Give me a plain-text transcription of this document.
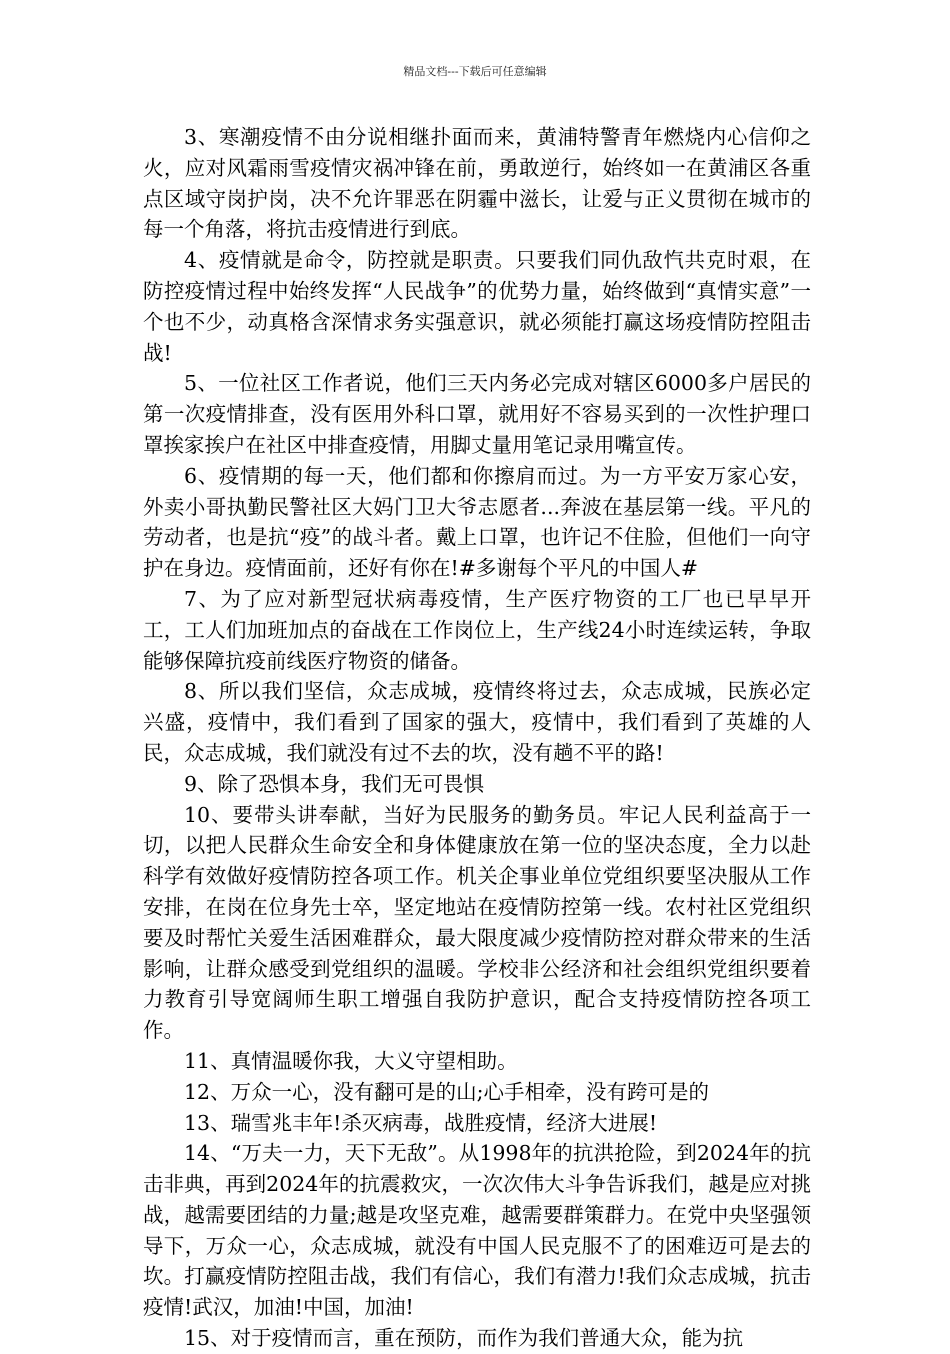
精品文档---下载后可任意编辑

3、寒潮疫情不由分说相继扑面而来，黄浦特警青年燃烧内心信仰之火，应对风霜雨雪疫情灾祸冲锋在前，勇敢逆行，始终如一在黄浦区各重点区域守岗护岗，决不允许罪恶在阴霾中滋长，让爱与正义贯彻在城市的每一个角落，将抗击疫情进行到底。

4、疫情就是命令，防控就是职责。只要我们同仇敌忾共克时艰，在防控疫情过程中始终发挥“人民战争”的优势力量，始终做到“真情实意”一个也不少，动真格含深情求务实强意识，就必须能打赢这场疫情防控阻击战!

5、一位社区工作者说，他们三天内务必完成对辖区6000多户居民的第一次疫情排查，没有医用外科口罩，就用好不容易买到的一次性护理口罩挨家挨户在社区中排查疫情，用脚丈量用笔记录用嘴宣传。

6、疫情期的每一天，他们都和你擦肩而过。为一方平安万家心安，外卖小哥执勤民警社区大妈门卫大爷志愿者...奔波在基层第一线。平凡的劳动者，也是抗“疫”的战斗者。戴上口罩，也许记不住脸，但他们一向守护在身边。疫情面前，还好有你在!#多谢每个平凡的中国人#

7、为了应对新型冠状病毒疫情，生产医疗物资的工厂也已早早开工，工人们加班加点的奋战在工作岗位上，生产线24小时连续运转，争取能够保障抗疫前线医疗物资的储备。

8、所以我们坚信，众志成城，疫情终将过去，众志成城，民族必定兴盛，疫情中，我们看到了国家的强大，疫情中，我们看到了英雄的人民，众志成城，我们就没有过不去的坎，没有趟不平的路!

9、除了恐惧本身，我们无可畏惧

10、要带头讲奉献，当好为民服务的勤务员。牢记人民利益高于一切，以把人民群众生命安全和身体健康放在第一位的坚决态度，全力以赴科学有效做好疫情防控各项工作。机关企事业单位党组织要坚决服从工作安排，在岗在位身先士卒，坚定地站在疫情防控第一线。农村社区党组织要及时帮忙关爱生活困难群众，最大限度减少疫情防控对群众带来的生活影响，让群众感受到党组织的温暖。学校非公经济和社会组织党组织要着力教育引导宽阔师生职工增强自我防护意识，配合支持疫情防控各项工作。

11、真情温暖你我，大义守望相助。

12、万众一心，没有翻可是的山;心手相牵，没有跨可是的

13、瑞雪兆丰年!杀灭病毒，战胜疫情，经济大进展!

14、“万夫一力，天下无敌”。从1998年的抗洪抢险，到2024年的抗击非典，再到2024年的抗震救灾，一次次伟大斗争告诉我们，越是应对挑战，越需要团结的力量;越是攻坚克难，越需要群策群力。在党中央坚强领导下，万众一心，众志成城，就没有中国人民克服不了的困难迈可是去的坎。打赢疫情防控阻击战，我们有信心，我们有潜力!我们众志成城，抗击疫情!武汉，加油!中国，加油!

15、对于疫情而言，重在预防，而作为我们普通大众，能为抗
